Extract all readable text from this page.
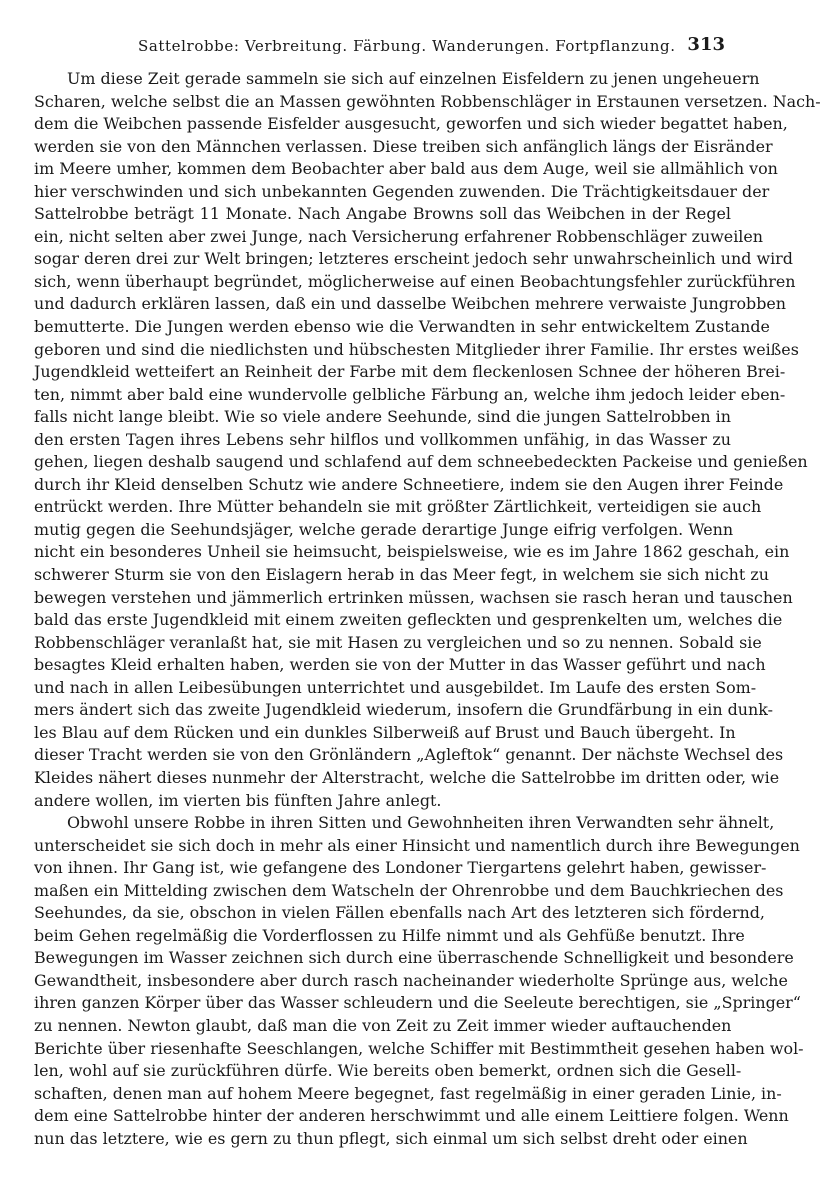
Sattelrobbe: Verbreitung. Färbung. Wanderungen. Fortpflanzung. 313
Um diese Zeit gerade sammeln sie sich auf einzelnen Eisfeldern zu jenen ungeheuern
Scharen, welche selbst die an Massen gewöhnten Robbenschläger in Erstaunen versetzen. Nach-
dem die Weibchen passende Eisfelder ausgesucht, geworfen und sich wieder begattet haben,
werden sie von den Männchen verlassen. Diese treiben sich anfänglich längs der Eisränder
im Meere umher, kommen dem Beobachter aber bald aus dem Auge, weil sie allmählich von
hier verschwinden und sich unbekannten Gegenden zuwenden. Die Trächtigkeitsdauer der
Sattelrobbe beträgt 11 Monate. Nach Angabe Browns soll das Weibchen in der Regel
ein, nicht selten aber zwei Junge, nach Versicherung erfahrener Robbenschläger zuweilen
sogar deren drei zur Welt bringen; letzteres erscheint jedoch sehr unwahrscheinlich und wird
sich, wenn überhaupt begründet, möglicherweise auf einen Beobachtungsfehler zurückführen
und dadurch erklären lassen, daß ein und dasselbe Weibchen mehrere verwaiste Jungrobben
bemutterte. Die Jungen werden ebenso wie die Verwandten in sehr entwickeltem Zustande
geboren und sind die niedlichsten und hübschesten Mitglieder ihrer Familie. Ihr erstes weißes
Jugendkleid wetteifert an Reinheit der Farbe mit dem fleckenlosen Schnee der höheren Brei-
ten, nimmt aber bald eine wundervolle gelbliche Färbung an, welche ihm jedoch leider eben-
falls nicht lange bleibt. Wie so viele andere Seehunde, sind die jungen Sattelrobben in
den ersten Tagen ihres Lebens sehr hilflos und vollkommen unfähig, in das Wasser zu
gehen, liegen deshalb saugend und schlafend auf dem schneebedeckten Packeise und genießen
durch ihr Kleid denselben Schutz wie andere Schneetiere, indem sie den Augen ihrer Feinde
entrückt werden. Ihre Mütter behandeln sie mit größter Zärtlichkeit, verteidigen sie auch
mutig gegen die Seehundsjäger, welche gerade derartige Junge eifrig verfolgen. Wenn
nicht ein besonderes Unheil sie heimsucht, beispielsweise, wie es im Jahre 1862 geschah, ein
schwerer Sturm sie von den Eislagern herab in das Meer fegt, in welchem sie sich nicht zu
bewegen verstehen und jämmerlich ertrinken müssen, wachsen sie rasch heran und tauschen
bald das erste Jugendkleid mit einem zweiten gefleckten und gesprenkelten um, welches die
Robbenschläger veranlaßt hat, sie mit Hasen zu vergleichen und so zu nennen. Sobald sie
besagtes Kleid erhalten haben, werden sie von der Mutter in das Wasser geführt und nach
und nach in allen Leibesübungen unterrichtet und ausgebildet. Im Laufe des ersten Som-
mers ändert sich das zweite Jugendkleid wiederum, insofern die Grundfärbung in ein dunk-
les Blau auf dem Rücken und ein dunkles Silberweiß auf Brust und Bauch übergeht. In
dieser Tracht werden sie von den Grönländern „Agleftok“ genannt. Der nächste Wechsel des
Kleides nähert dieses nunmehr der Alterstracht, welche die Sattelrobbe im dritten oder, wie
andere wollen, im vierten bis fünften Jahre anlegt.
Obwohl unsere Robbe in ihren Sitten und Gewohnheiten ihren Verwandten sehr ähnelt,
unterscheidet sie sich doch in mehr als einer Hinsicht und namentlich durch ihre Bewegungen
von ihnen. Ihr Gang ist, wie gefangene des Londoner Tiergartens gelehrt haben, gewisser-
maßen ein Mittelding zwischen dem Watscheln der Ohrenrobbe und dem Bauchkriechen des
Seehundes, da sie, obschon in vielen Fällen ebenfalls nach Art des letzteren sich fördernd,
beim Gehen regelmäßig die Vorderflossen zu Hilfe nimmt und als Gehfüße benutzt. Ihre
Bewegungen im Wasser zeichnen sich durch eine überraschende Schnelligkeit und besondere
Gewandtheit, insbesondere aber durch rasch nacheinander wiederholte Sprünge aus, welche
ihren ganzen Körper über das Wasser schleudern und die Seeleute berechtigen, sie „Springer“
zu nennen. Newton glaubt, daß man die von Zeit zu Zeit immer wieder auftauchenden
Berichte über riesenhafte Seeschlangen, welche Schiffer mit Bestimmtheit gesehen haben wol-
len, wohl auf sie zurückführen dürfe. Wie bereits oben bemerkt, ordnen sich die Gesell-
schaften, denen man auf hohem Meere begegnet, fast regelmäßig in einer geraden Linie, in-
dem eine Sattelrobbe hinter der anderen herschwimmt und alle einem Leittiere folgen. Wenn
nun das letztere, wie es gern zu thun pflegt, sich einmal um sich selbst dreht oder einen
